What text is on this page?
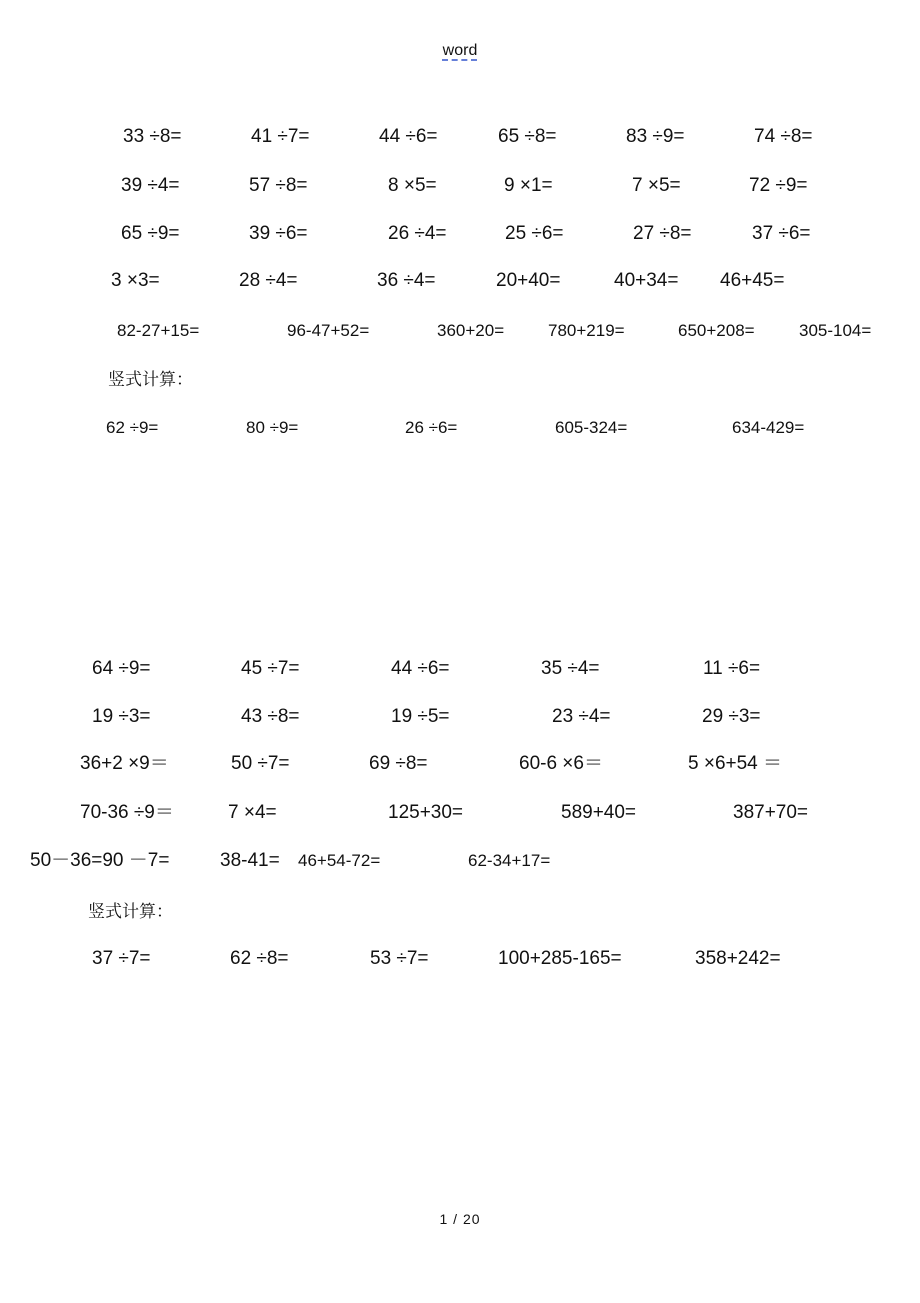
word
33 ÷8=	41 ÷7=	44 ÷6=	65 ÷8=	83 ÷9=	74 ÷8=
39 ÷4=	57 ÷8=	8 ×5=	9 ×1=	7 ×5=	72 ÷9=
65 ÷9=	39 ÷6=	26 ÷4=	25 ÷6=	27 ÷8=	37 ÷6=
3 ×3=	28 ÷4=	36 ÷4=	20+40=	40+34= 46+45=
82-27+15=	96-47+52=	360+20=	780+219=	650+208=	305-104=
竖式计算：
62 ÷9=	80 ÷9=	26 ÷6=	605-324=	634-429=
64 ÷9=	45 ÷7=	44 ÷6=	35 ÷4=	11 ÷6=
19 ÷3=	43 ÷8=	19 ÷5=	23 ÷4=	29 ÷3=
36+2 ×9＝	50 ÷7=	69 ÷8=	60-6 ×6＝	5 ×6+54 ＝
70-36 ÷9＝	7 ×4=	125+30=	589+40=	387+70=
50－36=90 －7=	38-41= 46+54-72=	62-34+17=
竖式计算：
37 ÷7=	62 ÷8=	53 ÷7=	100+285-165=	358+242=
1 / 20
